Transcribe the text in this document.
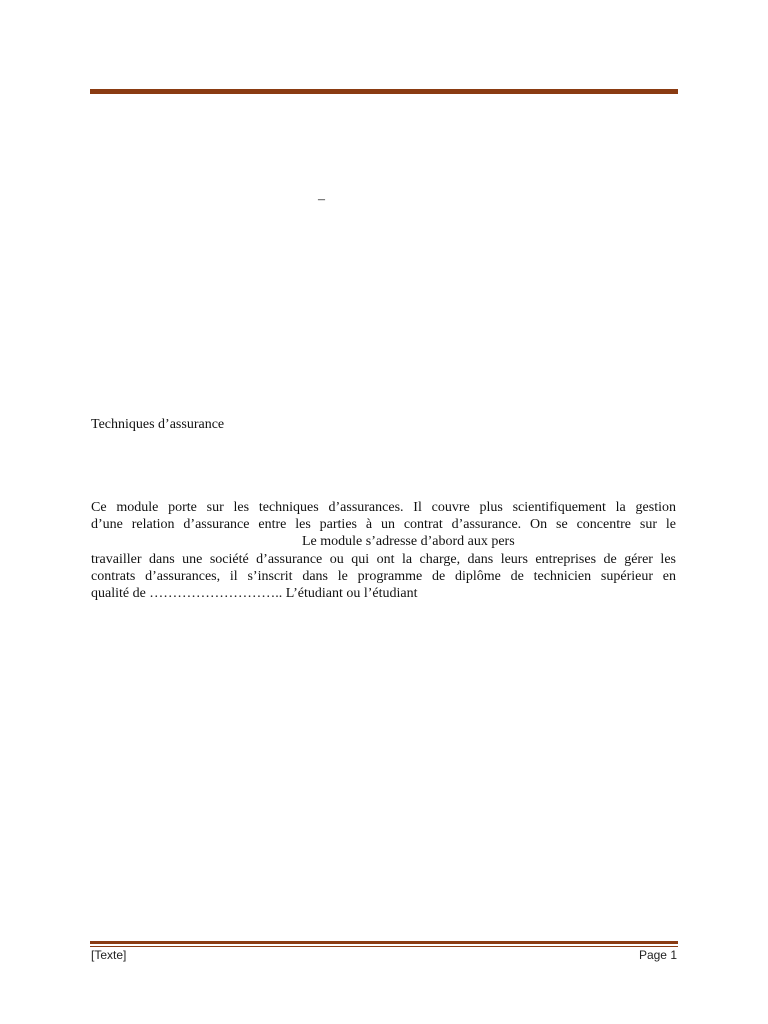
–
Techniques d’assurance
Ce module porte sur les techniques d’assurances. Il couvre plus scientifiquement la gestion
d’une relation d’assurance entre les parties à un contrat d’assurance. On se concentre sur le
Le module s’adresse d’abord aux pers
travailler dans une société d’assurance ou qui ont la charge, dans leurs entreprises de gérer les
contrats d’assurances, il s’inscrit dans le programme de diplôme de technicien supérieur en
qualité de ……………………….. L’étudiant ou l’étudiant
[Texte]	Page 1
